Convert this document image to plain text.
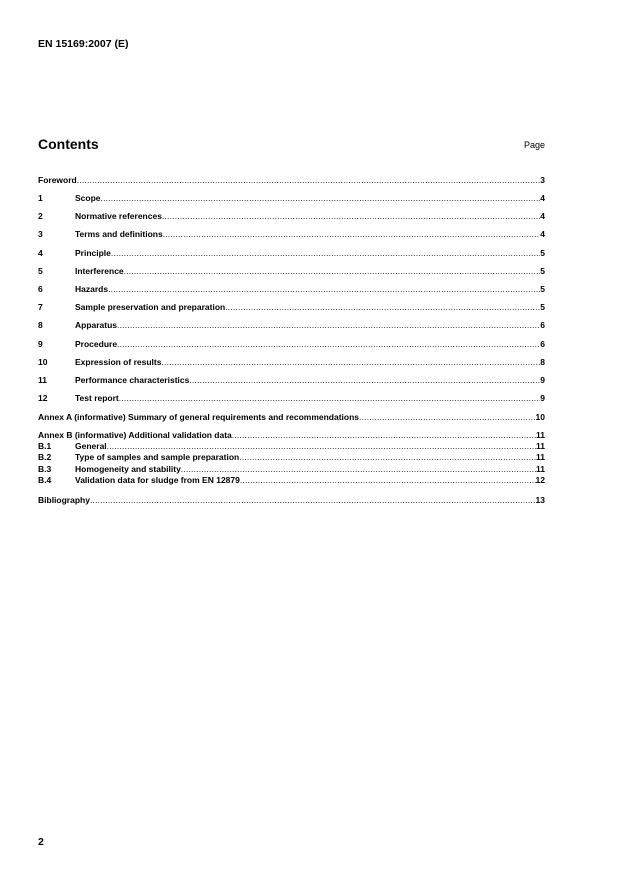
EN 15169:2007 (E)
Contents	Page
Foreword .....	3
1	Scope .....	4
2	Normative references .....	4
3	Terms and definitions .....	4
4	Principle .....	5
5	Interference .....	5
6	Hazards .....	5
7	Sample preservation and preparation .....	5
8	Apparatus .....	6
9	Procedure .....	6
10	Expression of results .....	8
11	Performance characteristics .....	9
12	Test report .....	9
Annex A (informative) Summary of general requirements and recommendations .....	10
Annex B (informative) Additional validation data .....	11
B.1	General .....	11
B.2	Type of samples and sample preparation .....	11
B.3	Homogeneity and stability .....	11
B.4	Validation data for sludge from EN 12879 .....	12
Bibliography .....	13
2
